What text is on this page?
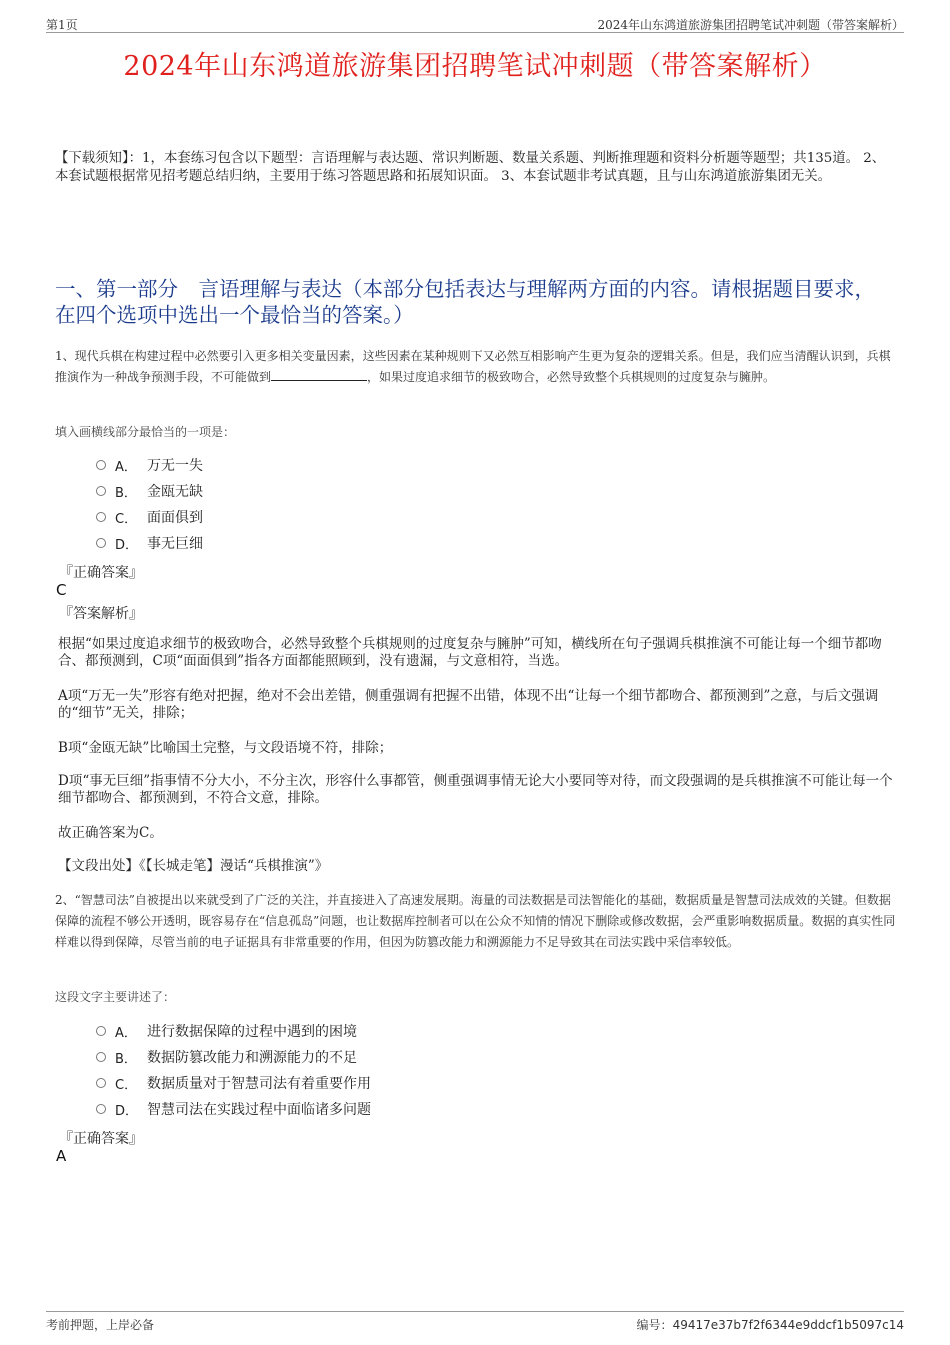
第1页	2024年山东鸿道旅游集团招聘笔试冲刺题（带答案解析）
2024年山东鸿道旅游集团招聘笔试冲刺题（带答案解析）
【下载须知】：1，本套练习包含以下题型：言语理解与表达题、常识判断题、数量关系题、判断推理题和资料分析题等题型；共135道。 2、本套试题根据常见招考题总结归纳，主要用于练习答题思路和拓展知识面。 3、本套试题非考试真题，且与山东鸿道旅游集团无关。
一、第一部分　言语理解与表达（本部分包括表达与理解两方面的内容。请根据题目要求，在四个选项中选出一个最恰当的答案。）
1、现代兵棋在构建过程中必然要引入更多相关变量因素，这些因素在某种规则下又必然互相影响产生更为复杂的逻辑关系。但是，我们应当清醒认识到，兵棋推演作为一种战争预测手段，不可能做到	，如果过度追求细节的极致吻合，必然导致整个兵棋规则的过度复杂与臃肿。
填入画横线部分最恰当的一项是：
A． 万无一失
B． 金瓯无缺
C． 面面俱到
D． 事无巨细
『正确答案』
C
『答案解析』
根据“如果过度追求细节的极致吻合，必然导致整个兵棋规则的过度复杂与臃肿”可知，横线所在句子强调兵棋推演不可能让每一个细节都吻合、都预测到，C项“面面俱到”指各方面都能照顾到，没有遗漏，与文意相符，当选。
A项“万无一失”形容有绝对把握，绝对不会出差错，侧重强调有把握不出错，体现不出“让每一个细节都吻合、都预测到”之意，与后文强调的“细节”无关，排除；
B项“金瓯无缺”比喻国土完整，与文段语境不符，排除；
D项“事无巨细”指事情不分大小，不分主次，形容什么事都管，侧重强调事情无论大小要同等对待，而文段强调的是兵棋推演不可能让每一个细节都吻合、都预测到，不符合文意，排除。
故正确答案为C。
【文段出处】《【长城走笔】漫话“兵棋推演”》
2、“智慧司法”自被提出以来就受到了广泛的关注，并直接进入了高速发展期。海量的司法数据是司法智能化的基础，数据质量是智慧司法成效的关键。但数据保障的流程不够公开透明，既容易存在“信息孤岛”问题，也让数据库控制者可以在公众不知情的情况下删除或修改数据，会严重影响数据质量。数据的真实性同样难以得到保障，尽管当前的电子证据具有非常重要的作用，但因为防篡改能力和溯源能力不足导致其在司法实践中采信率较低。
这段文字主要讲述了：
A． 进行数据保障的过程中遇到的困境
B． 数据防篡改能力和溯源能力的不足
C． 数据质量对于智慧司法有着重要作用
D． 智慧司法在实践过程中面临诸多问题
『正确答案』
A
考前押题，上岸必备	编号：49417e37b7f2f6344e9ddcf1b5097c14
